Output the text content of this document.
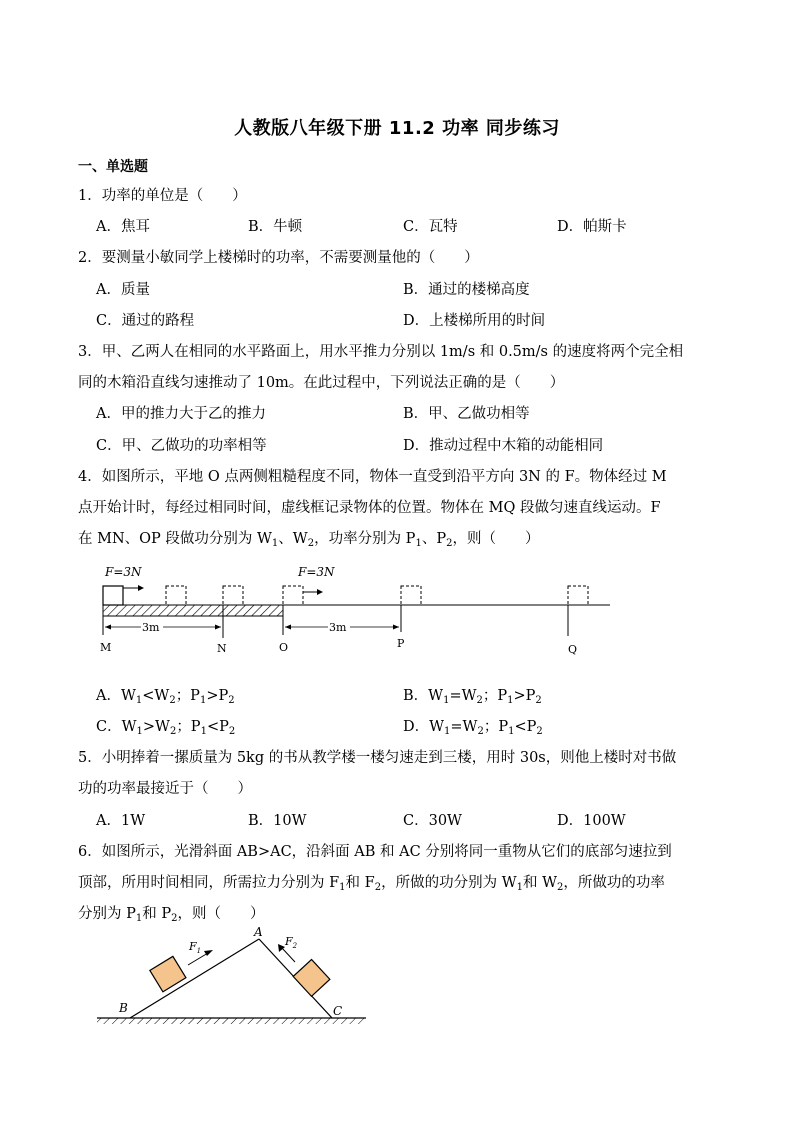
人教版八年级下册 11.2 功率 同步练习
一、单选题
1．功率的单位是（　　）
A．焦耳	B．牛顿	C．瓦特	D．帕斯卡
2．要测量小敏同学上楼梯时的功率，不需要测量他的（　　）
A．质量	B．通过的楼梯高度
C．通过的路程	D．上楼梯所用的时间
3．甲、乙两人在相同的水平路面上，用水平推力分别以 1m/s 和 0.5m/s 的速度将两个完全相
同的木箱沿直线匀速推动了 10m。在此过程中，下列说法正确的是（　　）
A．甲的推力大于乙的推力	B．甲、乙做功相等
C．甲、乙做功的功率相等	D．推动过程中木箱的动能相同
4．如图所示，平地 O 点两侧粗糙程度不同，物体一直受到沿平方向 3N 的 F。物体经过 M
点开始计时，每经过相同时间，虚线框记录物体的位置。物体在 MQ 段做匀速直线运动。F
在 MN、OP 段做功分别为 $W_1$、$W_2$，功率分别为 $P_1$、$P_2$，则（　　）
F=3N	F=3N
3m	3m
M	N	O	P	Q
A．$W_1<W_2$；$P_1>P_2$	B．$W_1=W_2$；$P_1>P_2$
C．$W_1>W_2$；$P_1<P_2$	D．$W_1=W_2$；$P_1<P_2$
5．小明捧着一摞质量为 5kg 的书从教学楼一楼匀速走到三楼，用时 30s，则他上楼时对书做
功的功率最接近于（　　）
A．1W	B．10W	C．30W	D．100W
6．如图所示，光滑斜面 AB>AC，沿斜面 AB 和 AC 分别将同一重物从它们的底部匀速拉到
顶部，所用时间相同，所需拉力分别为 $F_1$和 $F_2$，所做的功分别为 $W_1$和 $W_2$，所做功的功率
分别为 $P_1$和 $P_2$，则（　　）
$F_1$
$F_2$
A
B	C
